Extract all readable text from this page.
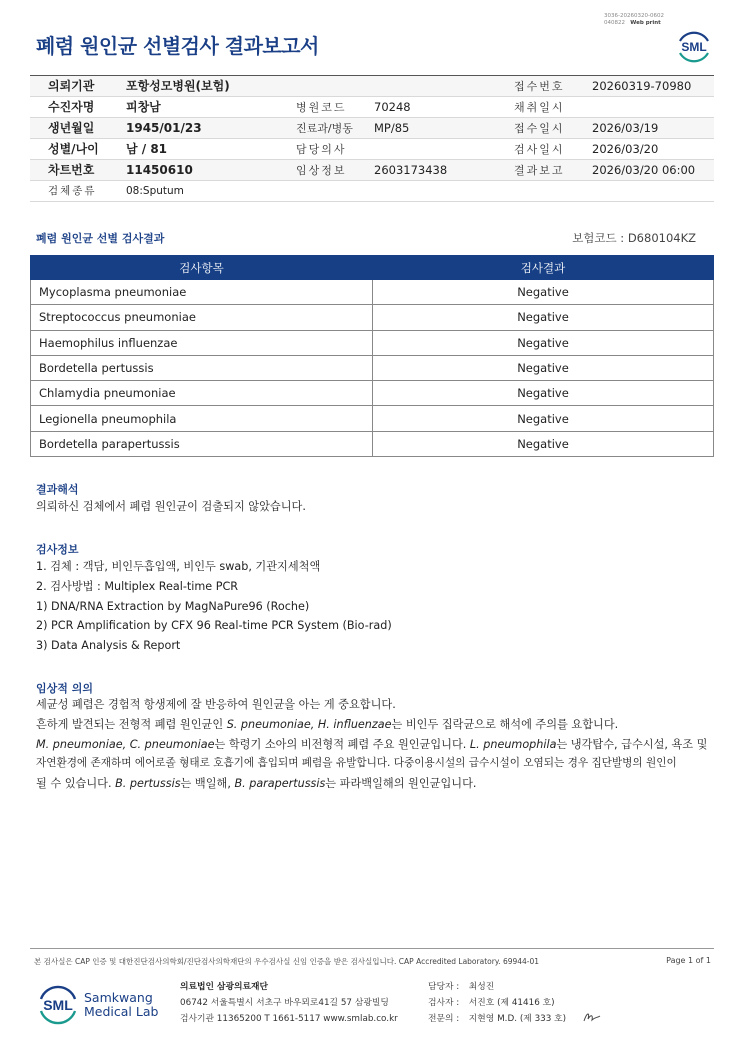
폐렴 원인균 선별검사 결과보고서
3036-20260320-0602
040822 Web print
SML
의뢰기관	포항성모병원(보험)	접수번호 20260319-70980
수진자명	피창남	병원코드 70248	채취일시
생년월일	1945/01/23	진료과/병동 MP/85	접수일시 2026/03/19
성별/나이 남 / 81	담당의사	검사일시 2026/03/20
차트번호	11450610	임상정보 2603173438	결과보고 2026/03/20 06:00
검체종류	08:Sputum
폐렴 원인균 선별 검사결과	보험코드 : D680104KZ
검사항목	검사결과
Mycoplasma pneumoniae	Negative
Streptococcus pneumoniae	Negative
Haemophilus influenzae	Negative
Bordetella pertussis	Negative
Chlamydia pneumoniae	Negative
Legionella pneumophila	Negative
Bordetella parapertussis	Negative
결과해석
의뢰하신 검체에서 폐렴 원인균이 검출되지 않았습니다.
검사정보
1. 검체 : 객담, 비인두흡입액, 비인두 swab, 기관지세척액
2. 검사방법 : Multiplex Real-time PCR
1) DNA/RNA Extraction by MagNaPure96 (Roche)
2) PCR Amplification by CFX 96 Real-time PCR System (Bio-rad)
3) Data Analysis & Report
임상적 의의
세균성 폐렴은 경험적 항생제에 잘 반응하여 원인균을 아는 게 중요합니다.
흔하게 발견되는 전형적 폐렴 원인균인 S. pneumoniae, H. influenzae는 비인두 집락균으로 해석에 주의를 요합니다.
M. pneumoniae, C. pneumoniae는 학령기 소아의 비전형적 폐렴 주요 원인균입니다. L. pneumophila는 냉각탑수, 급수시설, 욕조 및
자연환경에 존재하며 에어로졸 형태로 호흡기에 흡입되며 폐렴을 유발합니다. 다중이용시설의 급수시설이 오염되는 경우 집단발병의 원인이
될 수 있습니다. B. pertussis는 백일해, B. parapertussis는 파라백일해의 원인균입니다.
본 검사실은 CAP 인증 및 대한진단검사의학회/진단검사의학재단의 우수검사실 신임 인증을 받은 검사실입니다. CAP Accredited Laboratory. 69944-01	Page 1 of 1
SML Samkwang
Medical Lab
의료법인 삼광의료재단
06742 서울특별시 서초구 바우뫼로41길 57 삼광빌딩
검사기관 11365200 T 1661-5117 www.smlab.co.kr
담당자 : 최성진
검사자 : 서진호 (제 41416 호)
전문의 : 지현영 M.D. (제 333 호)
